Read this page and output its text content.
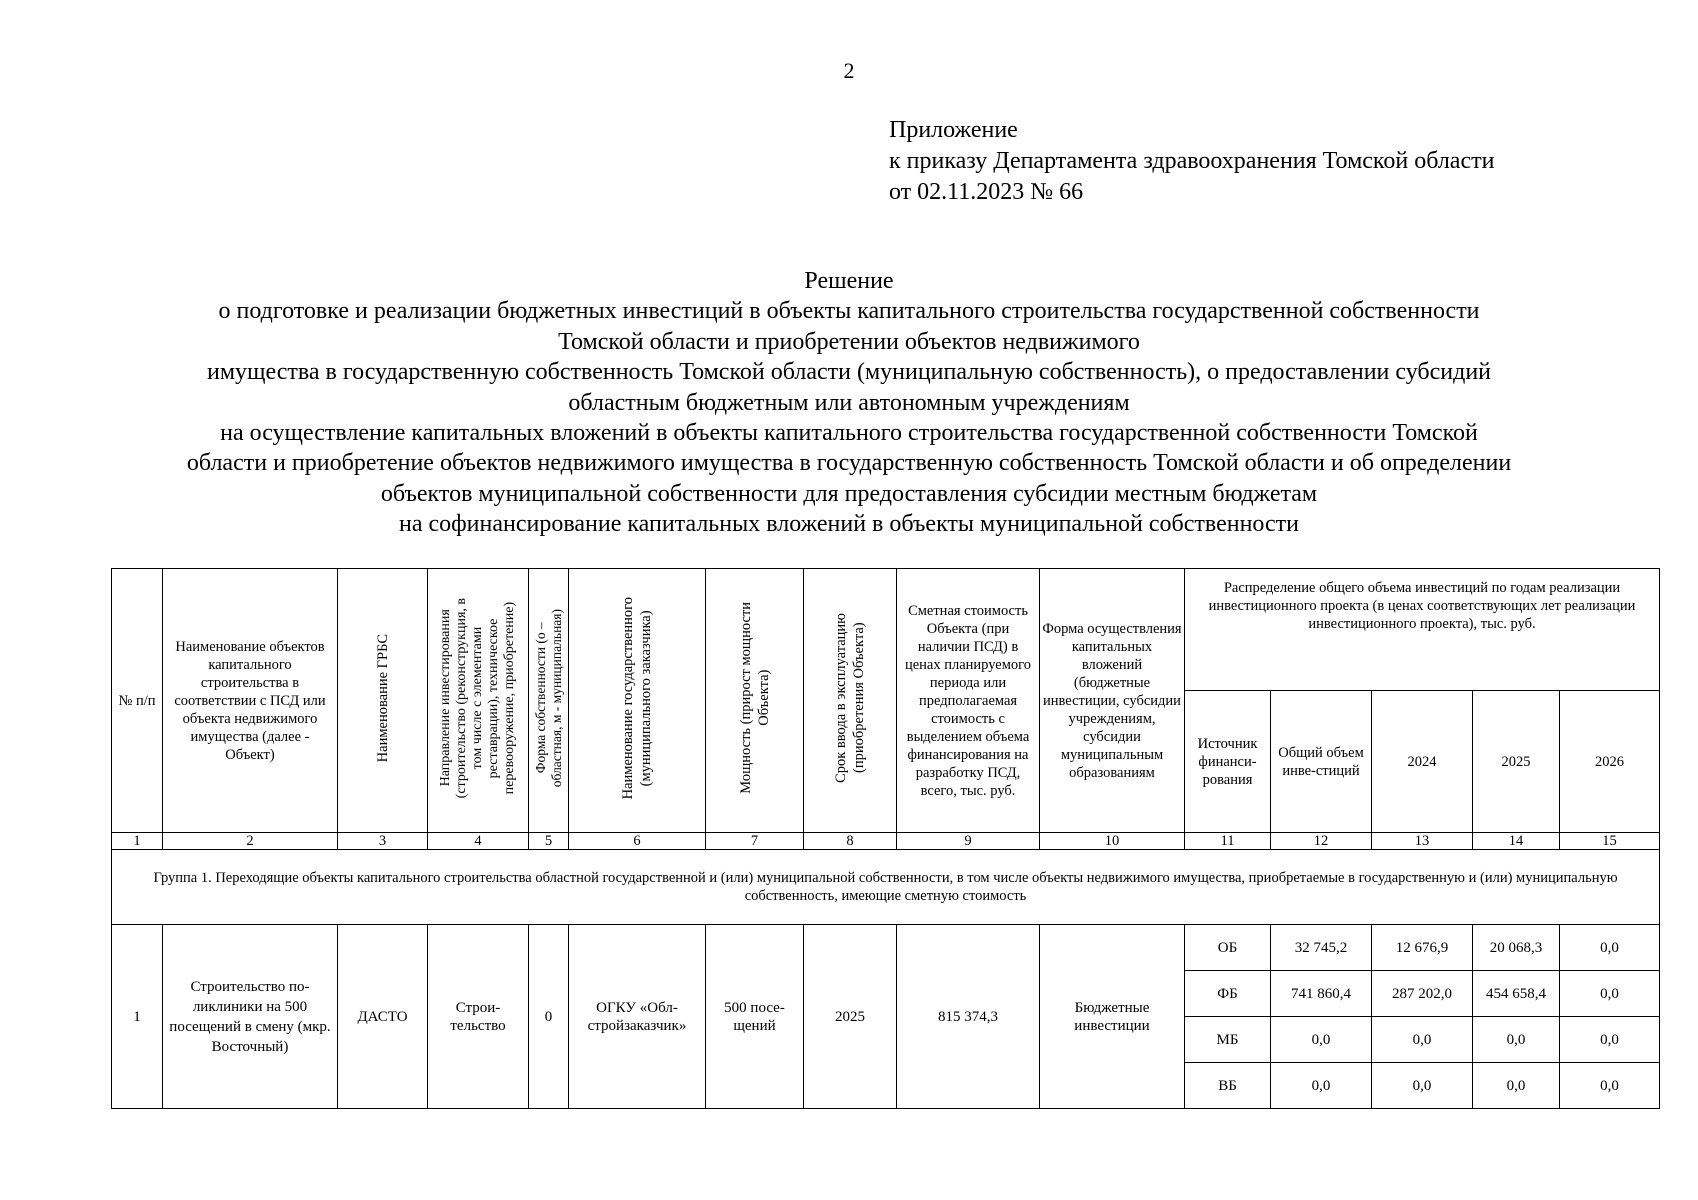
2
Приложение
к приказу Департамента здравоохранения Томской области
от 02.11.2023 № 66
Решение
о подготовке и реализации бюджетных инвестиций в объекты капитального строительства государственной собственности
Томской области и приобретении объектов недвижимого
имущества в государственную собственность Томской области (муниципальную собственность), о предоставлении субсидий
областным бюджетным или автономным учреждениям
на осуществление капитальных вложений в объекты капитального строительства государственной собственности Томской
области и приобретение объектов недвижимого имущества в государственную собственность Томской области и об определении
объектов муниципальной собственности для предоставления субсидии местным бюджетам
на софинансирование капитальных вложений в объекты муниципальной собственности
№ п/п	Наименование объектов капитального строительства в соответствии с ПСД или объекта недвижимого имущества (далее - Объект)	Наименование ГРБС	Направление инвестирования
(строительство (реконструкция, в
том числе с элементами
реставрации), техническое
перевооружение, приобретение)	Форма собственности (о –
областная, м - муниципальная)	Наименование государственного (муниципального заказчика)	Мощность (прирост мощности Объекта)	Срок ввода в эксплуатацию (приобретения Объекта)	Сметная стоимость Объекта (при наличии ПСД) в ценах планируемого периода или предполагаемая стоимость с выделением объема финансирования на разработку ПСД, всего, тыс. руб.	Форма осуществления капитальных вложений (бюджетные инвестиции, субсидии учреждениям, субсидии муниципальным образованиям	Распределение общего объема инвестиций по годам реализации инвестиционного проекта (в ценах соответствующих лет реализации инвестиционного проекта), тыс. руб.				
										Источник финанси-рования	Общий объем инве-стиций	2024	2025	2026
1	2	3	4	5	6	7	8	9	10	11	12	13	14	15
Группа 1. Переходящие объекты капитального строительства областной государственной и (или) муниципальной собственности, в том числе объекты недвижимого имущества, приобретаемые в государственную и (или) муниципальную собственность, имеющие сметную стоимость														
1	Строительство по-ликлиники на 500 посещений в смену (мкр. Восточный)	ДАСТО	Строи-тельство	0	ОГКУ «Обл-стройзаказчик»	500 посе-щений	2025	815 374,3	Бюджетные инвестиции	ОБ	32 745,2	12 676,9	20 068,3	0,0
										ФБ	741 860,4	287 202,0	454 658,4	0,0
										МБ	0,0	0,0	0,0	0,0
										ВБ	0,0	0,0	0,0	0,0
